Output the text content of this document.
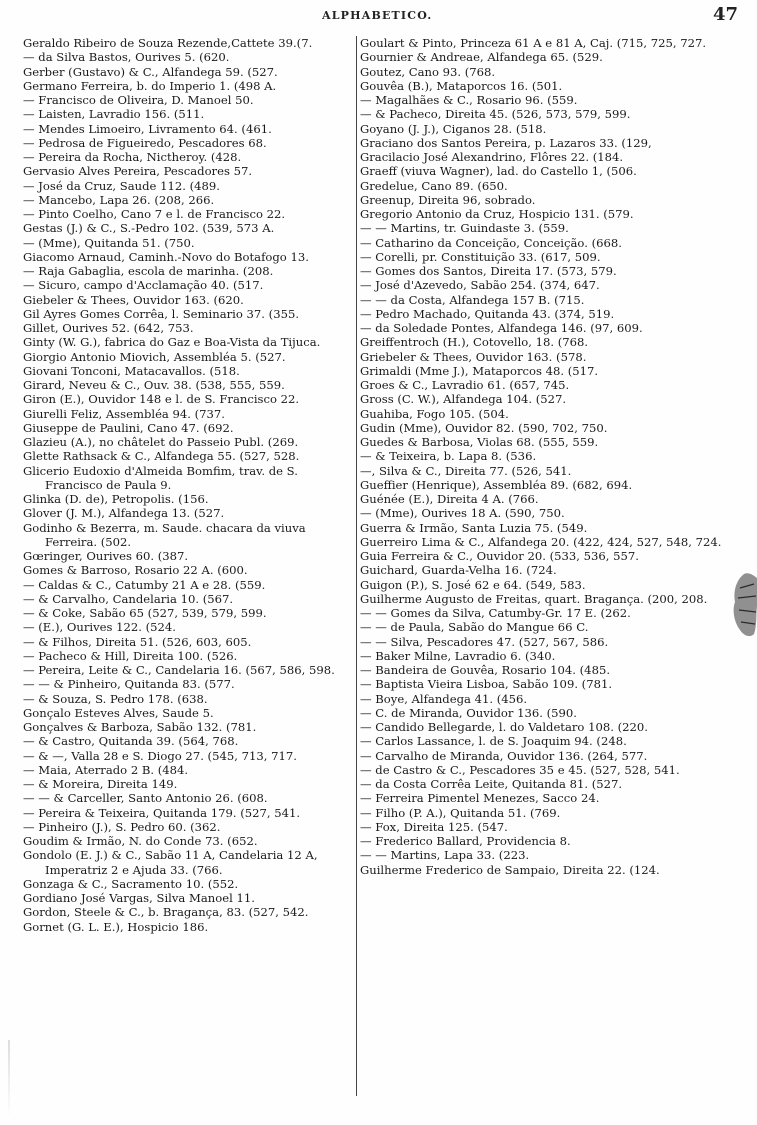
ALPHABETICO.	47

Geraldo Ribeiro de Souza Rezende,Cattete 39.(7.

— da Silva Bastos, Ourives 5. (620.

Gerber (Gustavo) & C., Alfandega 59. (527.

Germano Ferreira, b. do Imperio 1. (498 A.

— Francisco de Oliveira, D. Manoel 50.

— Laisten, Lavradio 156. (511.

— Mendes Limoeiro, Livramento 64. (461.

— Pedrosa de Figueiredo, Pescadores 68.

— Pereira da Rocha, Nictheroy. (428.

Gervasio Alves Pereira, Pescadores 57.

— José da Cruz, Saude 112. (489.

— Mancebo, Lapa 26. (208, 266.

— Pinto Coelho, Cano 7 e l. de Francisco 22.

Gestas (J.) & C., S.-Pedro 102. (539, 573 A.

— (Mme), Quitanda 51. (750.

Giacomo Arnaud, Caminh.-Novo do Botafogo 13.

— Raja Gabaglia, escola de marinha. (208.

— Sicuro, campo d'Acclamação 40. (517.

Giebeler & Thees, Ouvidor 163. (620.

Gil Ayres Gomes Corrêa, l. Seminario 37. (355.

Gillet, Ourives 52. (642, 753.

Ginty (W. G.), fabrica do Gaz e Boa-Vista da Tijuca.

Giorgio Antonio Miovich, Assembléa 5. (527.

Giovani Tonconi, Matacavallos. (518.

Girard, Neveu & C., Ouv. 38. (538, 555, 559.

Giron (E.), Ouvidor 148 e l. de S. Francisco 22.

Giurelli Feliz, Assembléa 94. (737.

Giuseppe de Paulini, Cano 47. (692.

Glazieu (A.), no châtelet do Passeio Publ. (269.

Glette Rathsack & C., Alfandega 55. (527, 528.

Glicerio Eudoxio d'Almeida Bomfim, trav. de S. Francisco de Paula 9.

Glinka (D. de), Petropolis. (156.

Glover (J. M.), Alfandega 13. (527.

Godinho & Bezerra, m. Saude. chacara da viuva Ferreira. (502.

Gœringer, Ourives 60. (387.

Gomes & Barroso, Rosario 22 A. (600.

— Caldas & C., Catumby 21 A e 28. (559.

— & Carvalho, Candelaria 10. (567.

— & Coke, Sabão 65 (527, 539, 579, 599.

— (E.), Ourives 122. (524.

— & Filhos, Direita 51. (526, 603, 605.

— Pacheco & Hill, Direita 100. (526.

— Pereira, Leite & C., Candelaria 16. (567, 586, 598.

— — & Pinheiro, Quitanda 83. (577.

— & Souza, S. Pedro 178. (638.

Gonçalo Esteves Alves, Saude 5.

Gonçalves & Barboza, Sabão 132. (781.

— & Castro, Quitanda 39. (564, 768.

— & —, Valla 28 e S. Diogo 27. (545, 713, 717.

— Maia, Aterrado 2 B. (484.

— & Moreira, Direita 149.

— — & Carceller, Santo Antonio 26. (608.

— Pereira & Teixeira, Quitanda 179. (527, 541.

— Pinheiro (J.), S. Pedro 60. (362.

Goudim & Irmão, N. do Conde 73. (652.

Gondolo (E. J.) & C., Sabão 11 A, Candelaria 12 A, Imperatriz 2 e Ajuda 33. (766.

Gonzaga & C., Sacramento 10. (552.

Gordiano José Vargas, Silva Manoel 11.

Gordon, Steele & C., b. Bragança, 83. (527, 542.

Gornet (G. L. E.), Hospicio 186.

Goulart & Pinto, Princeza 61 A e 81 A, Caj. (715, 725, 727.

Gournier & Andreae, Alfandega 65. (529.

Goutez, Cano 93. (768.

Gouvêa (B.), Mataporcos 16. (501.

— Magalhães & C., Rosario 96. (559.

— & Pacheco, Direita 45. (526, 573, 579, 599.

Goyano (J. J.), Ciganos 28. (518.

Graciano dos Santos Pereira, p. Lazaros 33. (129,

Gracilacio José Alexandrino, Flôres 22. (184.

Graeff (viuva Wagner), lad. do Castello 1, (506.

Gredelue, Cano 89. (650.

Greenup, Direita 96, sobrado.

Gregorio Antonio da Cruz, Hospicio 131. (579.

— — Martins, tr. Guindaste 3. (559.

— Catharino da Conceição, Conceição. (668.

— Corelli, pr. Constituição 33. (617, 509.

— Gomes dos Santos, Direita 17. (573, 579.

— José d'Azevedo, Sabão 254. (374, 647.

— — da Costa, Alfandega 157 B. (715.

— Pedro Machado, Quitanda 43. (374, 519.

— da Soledade Pontes, Alfandega 146. (97, 609.

Greiffentroch (H.), Cotovello, 18. (768.

Griebeler & Thees, Ouvidor 163. (578.

Grimaldi (Mme J.), Mataporcos 48. (517.

Groes & C., Lavradio 61. (657, 745.

Gross (C. W.), Alfandega 104. (527.

Guahiba, Fogo 105. (504.

Gudin (Mme), Ouvidor 82. (590, 702, 750.

Guedes & Barbosa, Violas 68. (555, 559.

— & Teixeira, b. Lapa 8. (536.

—, Silva & C., Direita 77. (526, 541.

Gueffier (Henrique), Assembléa 89. (682, 694.

Guénée (E.), Direita 4 A. (766.

— (Mme), Ourives 18 A. (590, 750.

Guerra & Irmão, Santa Luzia 75. (549.

Guerreiro Lima & C., Alfandega 20. (422, 424, 527, 548, 724.

Guia Ferreira & C., Ouvidor 20. (533, 536, 557.

Guichard, Guarda-Velha 16. (724.

Guigon (P.), S. José 62 e 64. (549, 583.

Guilherme Augusto de Freitas, quart. Bragança. (200, 208.

— — Gomes da Silva, Catumby-Gr. 17 E. (262.

— — de Paula, Sabão do Mangue 66 C.

— — Silva, Pescadores 47. (527, 567, 586.

— Baker Milne, Lavradio 6. (340.

— Bandeira de Gouvêa, Rosario 104. (485.

— Baptista Vieira Lisboa, Sabão 109. (781.

— Boye, Alfandega 41. (456.

— C. de Miranda, Ouvidor 136. (590.

— Candido Bellegarde, l. do Valdetaro 108. (220.

— Carlos Lassance, l. de S. Joaquim 94. (248.

— Carvalho de Miranda, Ouvidor 136. (264, 577.

— de Castro & C., Pescadores 35 e 45. (527, 528, 541.

— da Costa Corrêa Leite, Quitanda 81. (527.

— Ferreira Pimentel Menezes, Sacco 24.

— Filho (P. A.), Quitanda 51. (769.

— Fox, Direita 125. (547.

— Frederico Ballard, Providencia 8.

— — Martins, Lapa 33. (223.

Guilherme Frederico de Sampaio, Direita 22. (124.
